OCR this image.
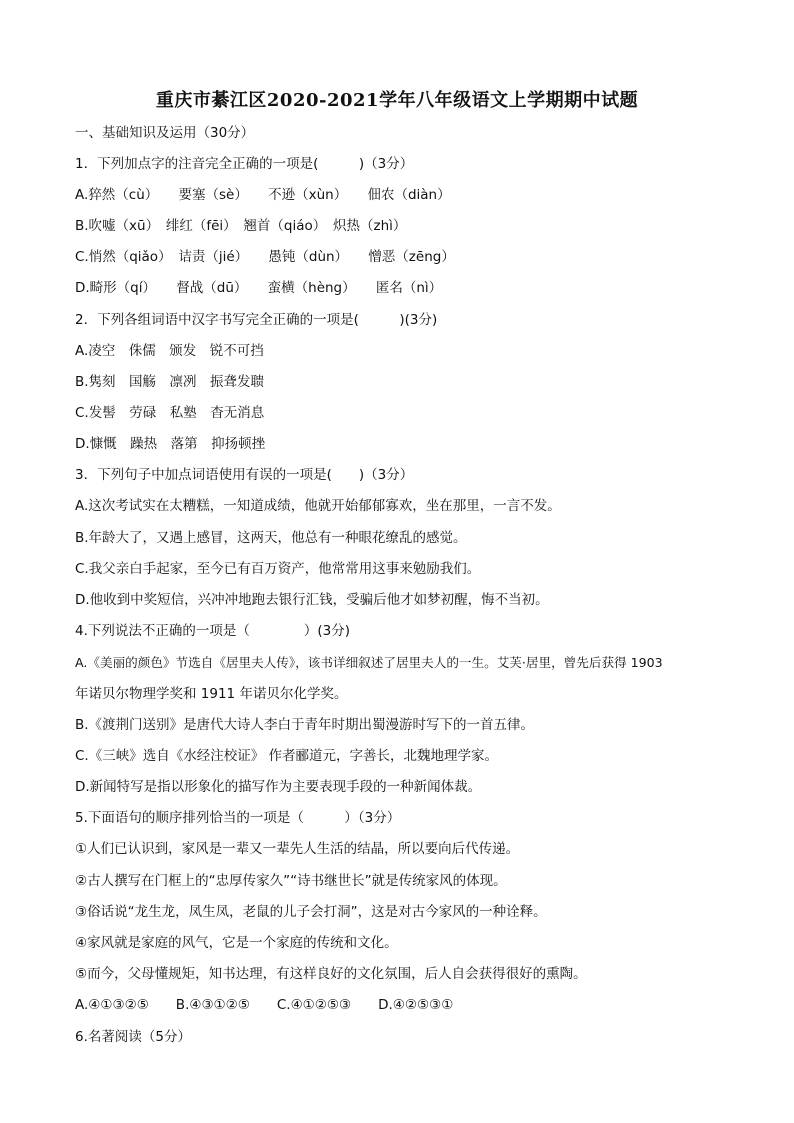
重庆市綦江区2020-2021学年八年级语文上学期期中试题
一、基础知识及运用（30分）
1．下列加点字的注音完全正确的一项是(　　　)（3分）
A.猝然（cù）　　要塞（sè）　　不逊（xùn）　　佃农（diàn）
B.吹嘘（xū）　绯红（fēi）　翘首（qiáo）　炽热（zhì）
C.悄然（qiǎo）　诘责（jié）　　愚钝（dùn）　　憎恶（zēng）
D.畸形（qí）　　督战（dū）　　蛮横（hèng）　　匿名（nì）
2．下列各组词语中汉字书写完全正确的一项是(　　　)(3分)
A.凌空　侏儒　颁发　锐不可挡
B.隽刻　国觞　凛冽　振聋发聩
C.发髻　劳碌　私塾　杳无消息
D.慷慨　躁热　落第　抑扬顿挫
3．下列句子中加点词语使用有误的一项是(　　)（3分）
A.这次考试实在太糟糕，一知道成绩，他就开始郁郁寡欢，坐在那里，一言不发。
B.年龄大了，又遇上感冒，这两天，他总有一种眼花缭乱的感觉。
C.我父亲白手起家，至今已有百万资产，他常常用这事来勉励我们。
D.他收到中奖短信，兴冲冲地跑去银行汇钱，受骗后他才如梦初醒，悔不当初。
4.下列说法不正确的一项是（　　　　）(3分)
A.《美丽的颜色》节选自《居里夫人传》，该书详细叙述了居里夫人的一生。艾芙·居里，曾先后获得 1903
年诺贝尔物理学奖和 1911 年诺贝尔化学奖。
B.《渡荆门送别》是唐代大诗人李白于青年时期出蜀漫游时写下的一首五律。
C.《三峡》选自《水经注校证》 作者郦道元，字善长，北魏地理学家。
D.新闻特写是指以形象化的描写作为主要表现手段的一种新闻体裁。
5.下面语句的顺序排列恰当的一项是（　　　）（3分）
①人们已认识到，家风是一辈又一辈先人生活的结晶，所以要向后代传递。
②古人撰写在门框上的“忠厚传家久”“诗书继世长”就是传统家风的体现。
③俗话说“龙生龙，凤生凤，老鼠的儿子会打洞”，这是对古今家风的一种诠释。
④家风就是家庭的风气，它是一个家庭的传统和文化。
⑤而今，父母懂规矩，知书达理，有这样良好的文化氛围，后人自会获得很好的熏陶。
A.④①③②⑤　　B.④③①②⑤　　C.④①②⑤③　　D.④②⑤③①
6.名著阅读（5分）
